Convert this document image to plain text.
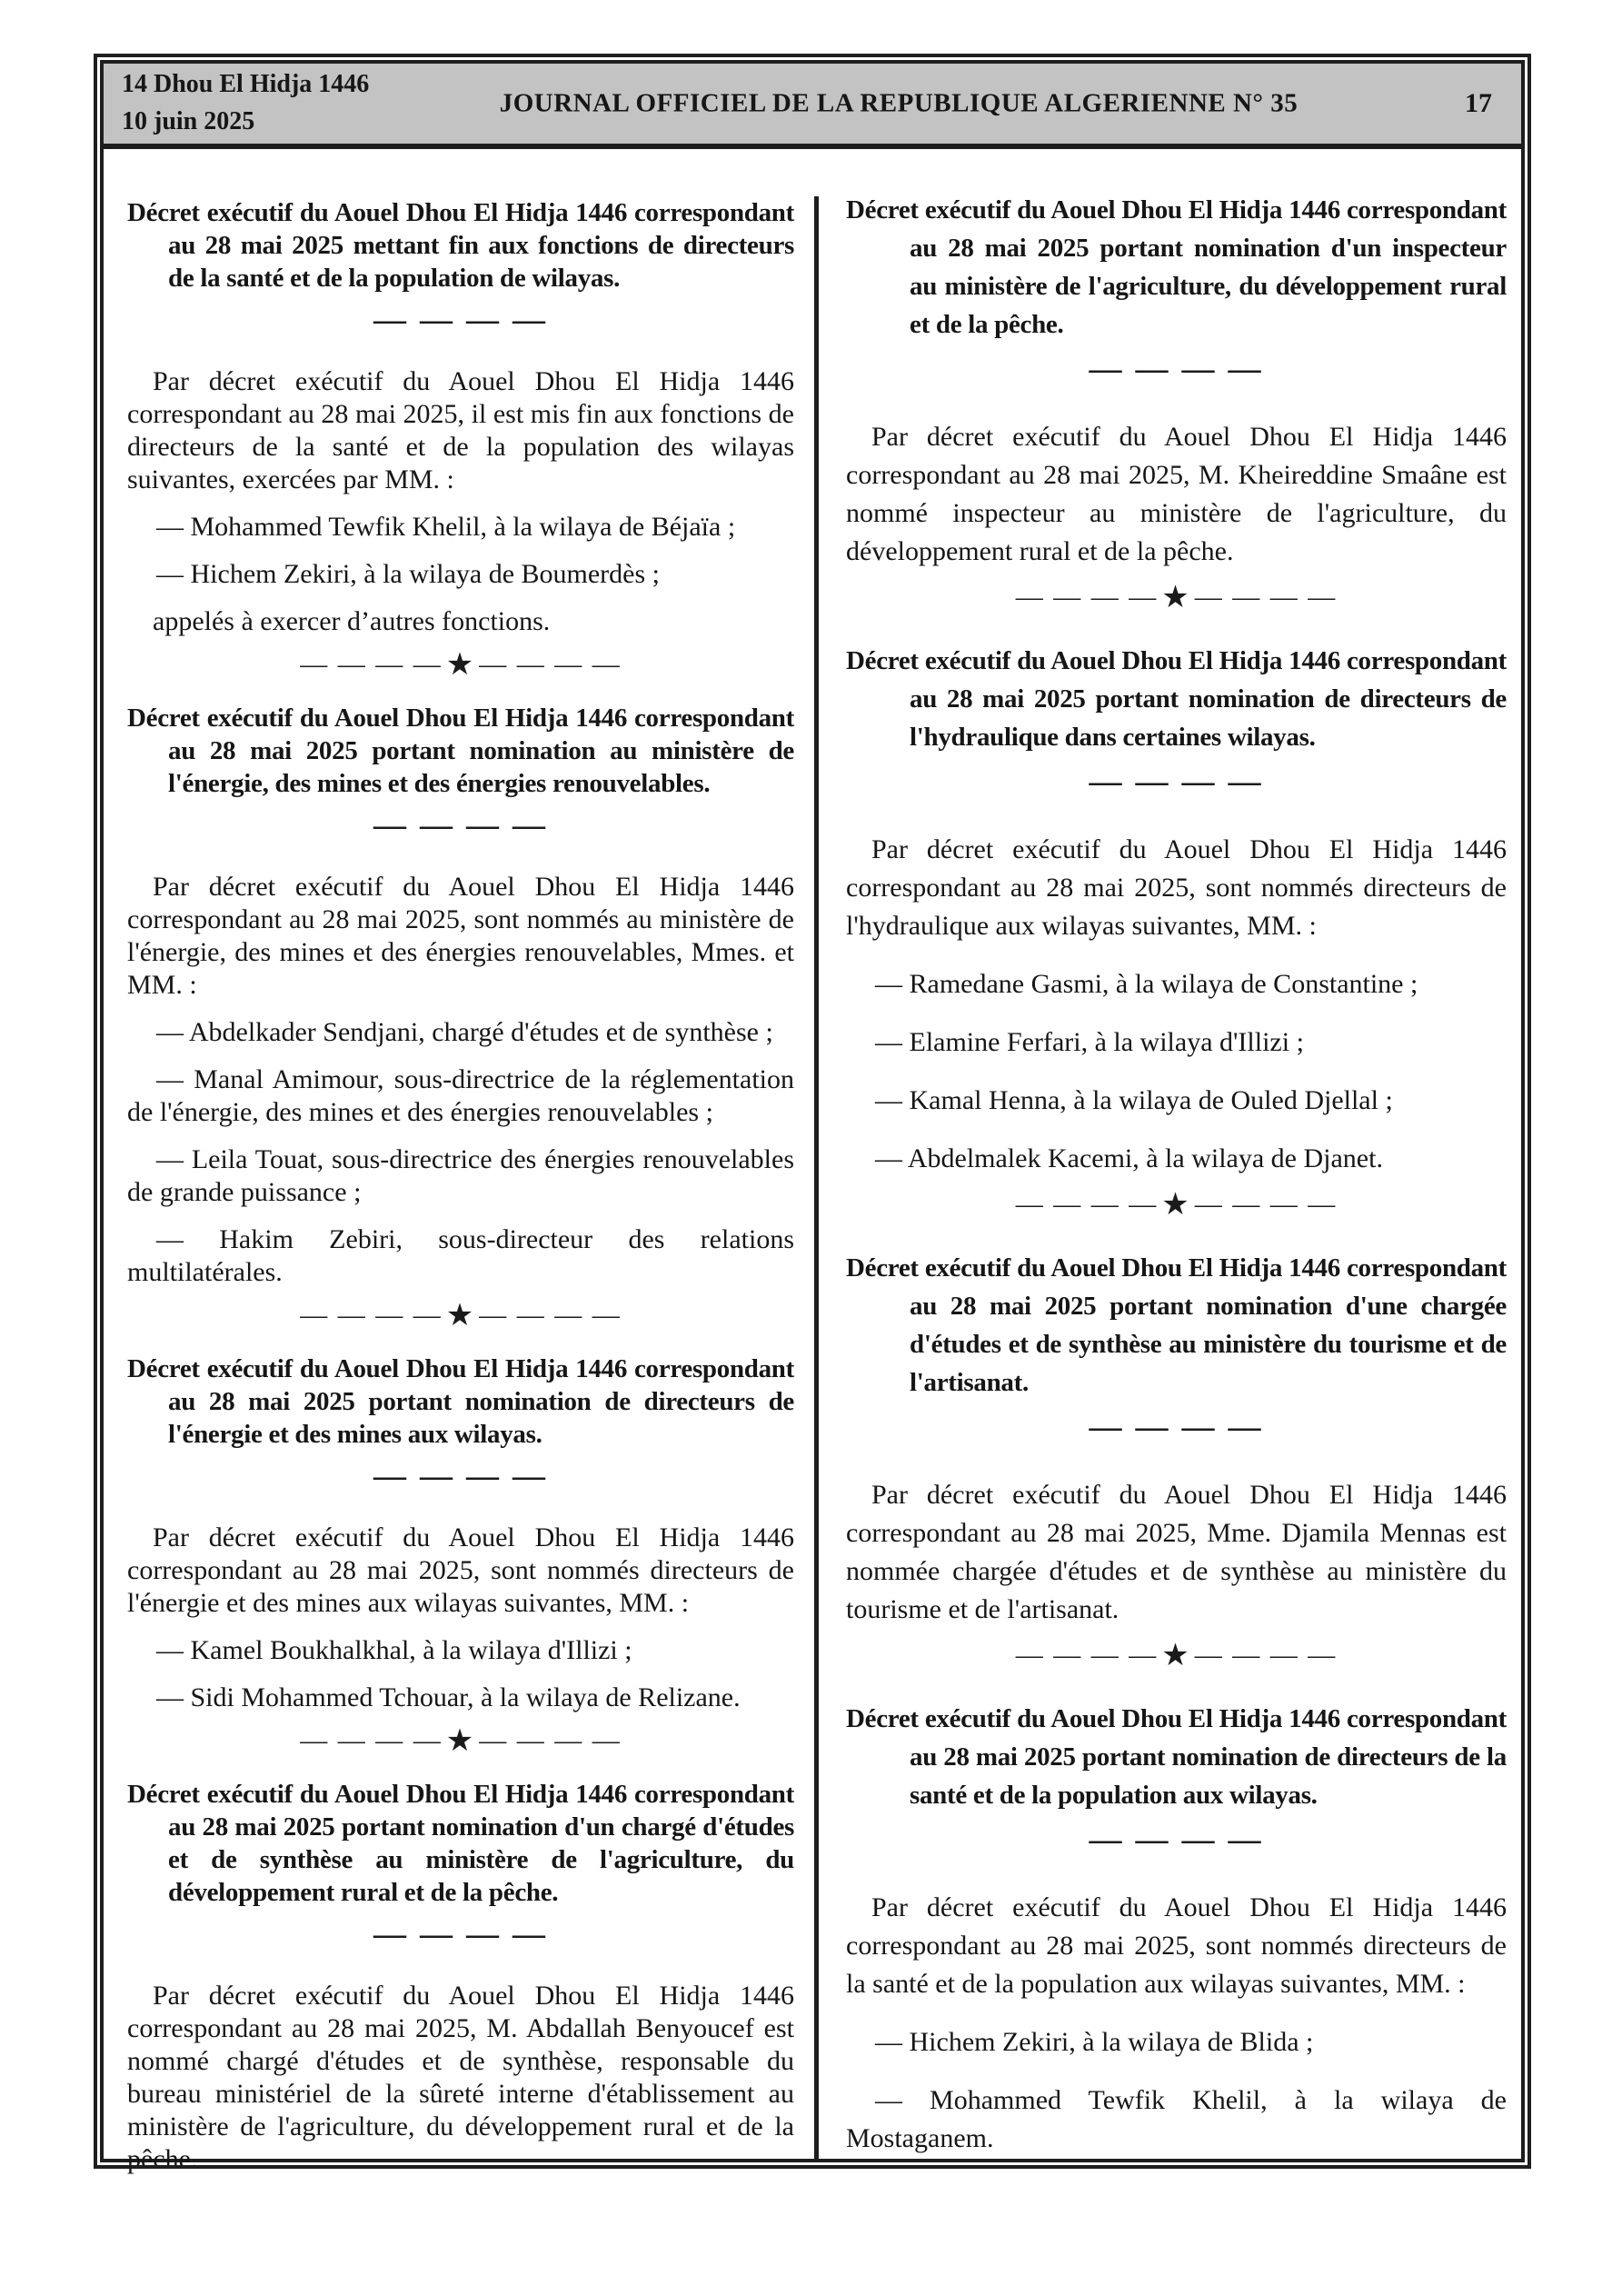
14 Dhou El Hidja 1446
10 juin 2025
JOURNAL OFFICIEL DE LA REPUBLIQUE ALGERIENNE N° 35	17
Décret exécutif du Aouel Dhou El Hidja 1446 correspondant au 28 mai 2025 mettant fin aux fonctions de directeurs de la santé et de la population de wilayas.
— — — —

Par décret exécutif du Aouel Dhou El Hidja 1446 correspondant au 28 mai 2025, il est mis fin aux fonctions de directeurs de la santé et de la population des wilayas suivantes, exercées par MM. :

— Mohammed Tewfik Khelil, à la wilaya de Béjaïa ;

— Hichem Zekiri, à la wilaya de Boumerdès ;

appelés à exercer d’autres fonctions.

— — — — ★ — — — —
Décret exécutif du Aouel Dhou El Hidja 1446 correspondant au 28 mai 2025 portant nomination au ministère de l'énergie, des mines et des énergies renouvelables.
— — — —

Par décret exécutif du Aouel Dhou El Hidja 1446 correspondant au 28 mai 2025, sont nommés au ministère de l'énergie, des mines et des énergies renouvelables, Mmes. et MM. :

— Abdelkader Sendjani, chargé d'études et de synthèse ;

— Manal Amimour, sous-directrice de la réglementation de l'énergie, des mines et des énergies renouvelables ;

— Leila Touat, sous-directrice des énergies renouvelables de grande puissance ;

— Hakim Zebiri, sous-directeur des relations multilatérales.

— — — — ★ — — — —
Décret exécutif du Aouel Dhou El Hidja 1446 correspondant au 28 mai 2025 portant nomination de directeurs de l'énergie et des mines aux wilayas.
— — — —

Par décret exécutif du Aouel Dhou El Hidja 1446 correspondant au 28 mai 2025, sont nommés directeurs de l'énergie et des mines aux wilayas suivantes, MM. :

— Kamel Boukhalkhal, à la wilaya d'Illizi ;

— Sidi Mohammed Tchouar, à la wilaya de Relizane.

— — — — ★ — — — —
Décret exécutif du Aouel Dhou El Hidja 1446 correspondant au 28 mai 2025 portant nomination d'un chargé d'études et de synthèse au ministère de l'agriculture, du développement rural et de la pêche.
— — — —

Par décret exécutif du Aouel Dhou El Hidja 1446 correspondant au 28 mai 2025, M. Abdallah Benyoucef est nommé chargé d'études et de synthèse, responsable du bureau ministériel de la sûreté interne d'établissement au ministère de l'agriculture, du développement rural et de la pêche.

Décret exécutif du Aouel Dhou El Hidja 1446 correspondant au 28 mai 2025 portant nomination d'un inspecteur au ministère de l'agriculture, du développement rural et de la pêche.
— — — —

Par décret exécutif du Aouel Dhou El Hidja 1446 correspondant au 28 mai 2025, M. Kheireddine Smaâne est nommé inspecteur au ministère de l'agriculture, du développement rural et de la pêche.

— — — — ★ — — — —
Décret exécutif du Aouel Dhou El Hidja 1446 correspondant au 28 mai 2025 portant nomination de directeurs de l'hydraulique dans certaines wilayas.
— — — —

Par décret exécutif du Aouel Dhou El Hidja 1446 correspondant au 28 mai 2025, sont nommés directeurs de l'hydraulique aux wilayas suivantes, MM. :

— Ramedane Gasmi, à la wilaya de Constantine ;

— Elamine Ferfari, à la wilaya d'Illizi ;

— Kamal Henna, à la wilaya de Ouled Djellal ;

— Abdelmalek Kacemi, à la wilaya de Djanet.

— — — — ★ — — — —
Décret exécutif du Aouel Dhou El Hidja 1446 correspondant au 28 mai 2025 portant nomination d'une chargée d'études et de synthèse au ministère du tourisme et de l'artisanat.
— — — —

Par décret exécutif du Aouel Dhou El Hidja 1446 correspondant au 28 mai 2025, Mme. Djamila Mennas est nommée chargée d'études et de synthèse au ministère du tourisme et de l'artisanat.

— — — — ★ — — — —
Décret exécutif du Aouel Dhou El Hidja 1446 correspondant au 28 mai 2025 portant nomination de directeurs de la santé et de la population aux wilayas.
— — — —

Par décret exécutif du Aouel Dhou El Hidja 1446 correspondant au 28 mai 2025, sont nommés directeurs de la santé et de la population aux wilayas suivantes, MM. :

— Hichem Zekiri, à la wilaya de Blida ;

— Mohammed Tewfik Khelil, à la wilaya de Mostaganem.
